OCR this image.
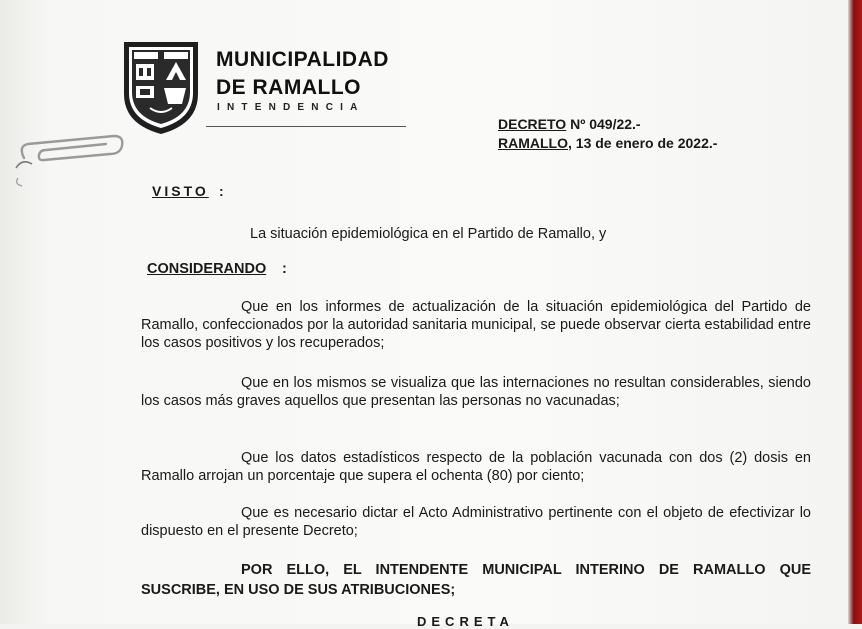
MUNICIPALIDAD
DE RAMALLO
INTENDENCIA
DECRETO Nº 049/22.-
RAMALLO, 13 de enero de 2022.-
VISTO :
La situación epidemiológica en el Partido de Ramallo, y
CONSIDERANDO :
Que en los informes de actualización de la situación epidemiológica del Partido de Ramallo, confeccionados por la autoridad sanitaria municipal, se puede observar cierta estabilidad entre los casos positivos y los recuperados;
Que en los mismos se visualiza que las internaciones no resultan considerables, siendo los casos más graves aquellos que presentan las personas no vacunadas;
Que los datos estadísticos respecto de la población vacunada con dos (2) dosis en Ramallo arrojan un porcentaje que supera el ochenta (80) por ciento;
Que es necesario dictar el Acto Administrativo pertinente con el objeto de efectivizar lo dispuesto en el presente Decreto;
POR ELLO, EL INTENDENTE MUNICIPAL INTERINO DE RAMALLO QUE SUSCRIBE, EN USO DE SUS ATRIBUCIONES;
DECRETA
